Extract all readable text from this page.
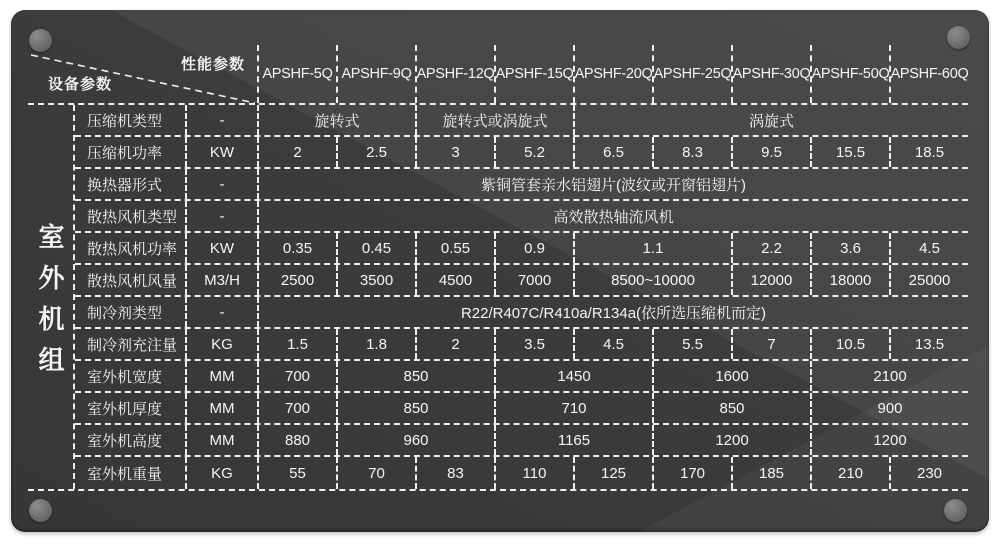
性能参数
设备参数
APSHF-5Q APSHF-9Q APSHF-12Q APSHF-15Q APSHF-20Q APSHF-25Q APSHF-30Q APSHF-50Q APSHF-60Q
室外机组
压缩机类型	-	旋转式	旋转式或涡旋式	涡旋式
压缩机功率	KW	2	2.5	3	5.2	6.5	8.3	9.5	15.5	18.5
换热器形式	-	紫铜管套亲水铝翅片(波纹或开窗铝翅片)
散热风机类型	-	高效散热轴流风机
散热风机功率	KW	0.35	0.45	0.55	0.9	1.1	2.2	3.6	4.5
散热风机风量	M3/H	2500	3500	4500	7000	8500~10000	12000	18000	25000
制冷剂类型	-	R22/R407C/R410a/R134a(依所选压缩机而定)
制冷剂充注量	KG	1.5	1.8	2	3.5	4.5	5.5	7	10.5	13.5
室外机宽度	MM	700	850	1450	1600	2100
室外机厚度	MM	700	850	710	850	900
室外机高度	MM	880	960	1165	1200	1200
室外机重量	KG	55	70	83	110	125	170	185	210	230
